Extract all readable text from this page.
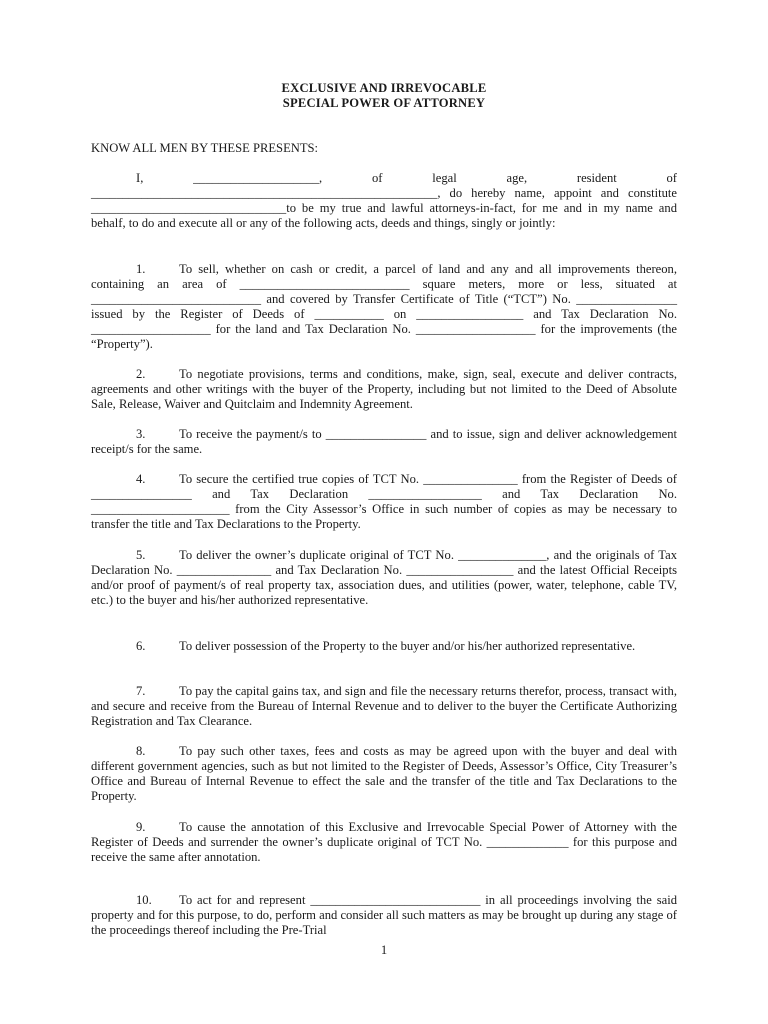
EXCLUSIVE AND IRREVOCABLE
SPECIAL POWER OF ATTORNEY
KNOW ALL MEN BY THESE PRESENTS:
I, ____________________, of legal age, resident of _______________________________________________________, do hereby name, appoint and constitute _______________________________to be my true and lawful attorneys-in-fact, for me and in my name and behalf, to do and execute all or any of the following acts, deeds and things, singly or jointly:
1.	To sell, whether on cash or credit, a parcel of land and any and all improvements thereon, containing an area of ___________________________ square meters, more or less, situated at ___________________________ and covered by Transfer Certificate of Title (“TCT”) No. ________________ issued by the Register of Deeds of ___________ on _________________ and Tax Declaration No. ___________________ for the land and Tax Declaration No. ___________________ for the improvements (the “Property”).
2.	To negotiate provisions, terms and conditions, make, sign, seal, execute and deliver contracts, agreements and other writings with the buyer of the Property, including but not limited to the Deed of Absolute Sale, Release, Waiver and Quitclaim and Indemnity Agreement.
3.	To receive the payment/s to ________________ and to issue, sign and deliver acknowledgement receipt/s for the same.
4.	To secure the certified true copies of TCT No. _______________ from the Register of Deeds of ________________ and Tax Declaration __________________ and Tax Declaration No. ______________________ from the City Assessor’s Office in such number of copies as may be necessary to transfer the title and Tax Declarations to the Property.
5.	To deliver the owner’s duplicate original of TCT No. ______________, and the originals of Tax Declaration No. _______________ and Tax Declaration No. _________________ and the latest Official Receipts and/or proof of payment/s of real property tax, association dues, and utilities (power, water, telephone, cable TV, etc.) to the buyer and his/her authorized representative.
6.	To deliver possession of the Property to the buyer and/or his/her authorized representative.
7.	To pay the capital gains tax, and sign and file the necessary returns therefor, process, transact with, and secure and receive from the Bureau of Internal Revenue and to deliver to the buyer the Certificate Authorizing Registration and Tax Clearance.
8.	To pay such other taxes, fees and costs as may be agreed upon with the buyer and deal with different government agencies, such as but not limited to the Register of Deeds, Assessor’s Office, City Treasurer’s Office and Bureau of Internal Revenue to effect the sale and the transfer of the title and Tax Declarations to the Property.
9.	To cause the annotation of this Exclusive and Irrevocable Special Power of Attorney with the Register of Deeds and surrender the owner’s duplicate original of TCT No. _____________ for this purpose and receive the same after annotation.
10. To act for and represent ___________________________ in all proceedings involving the said property and for this purpose, to do, perform and consider all such matters as may be brought up during any stage of the proceedings thereof including the Pre-Trial
1
